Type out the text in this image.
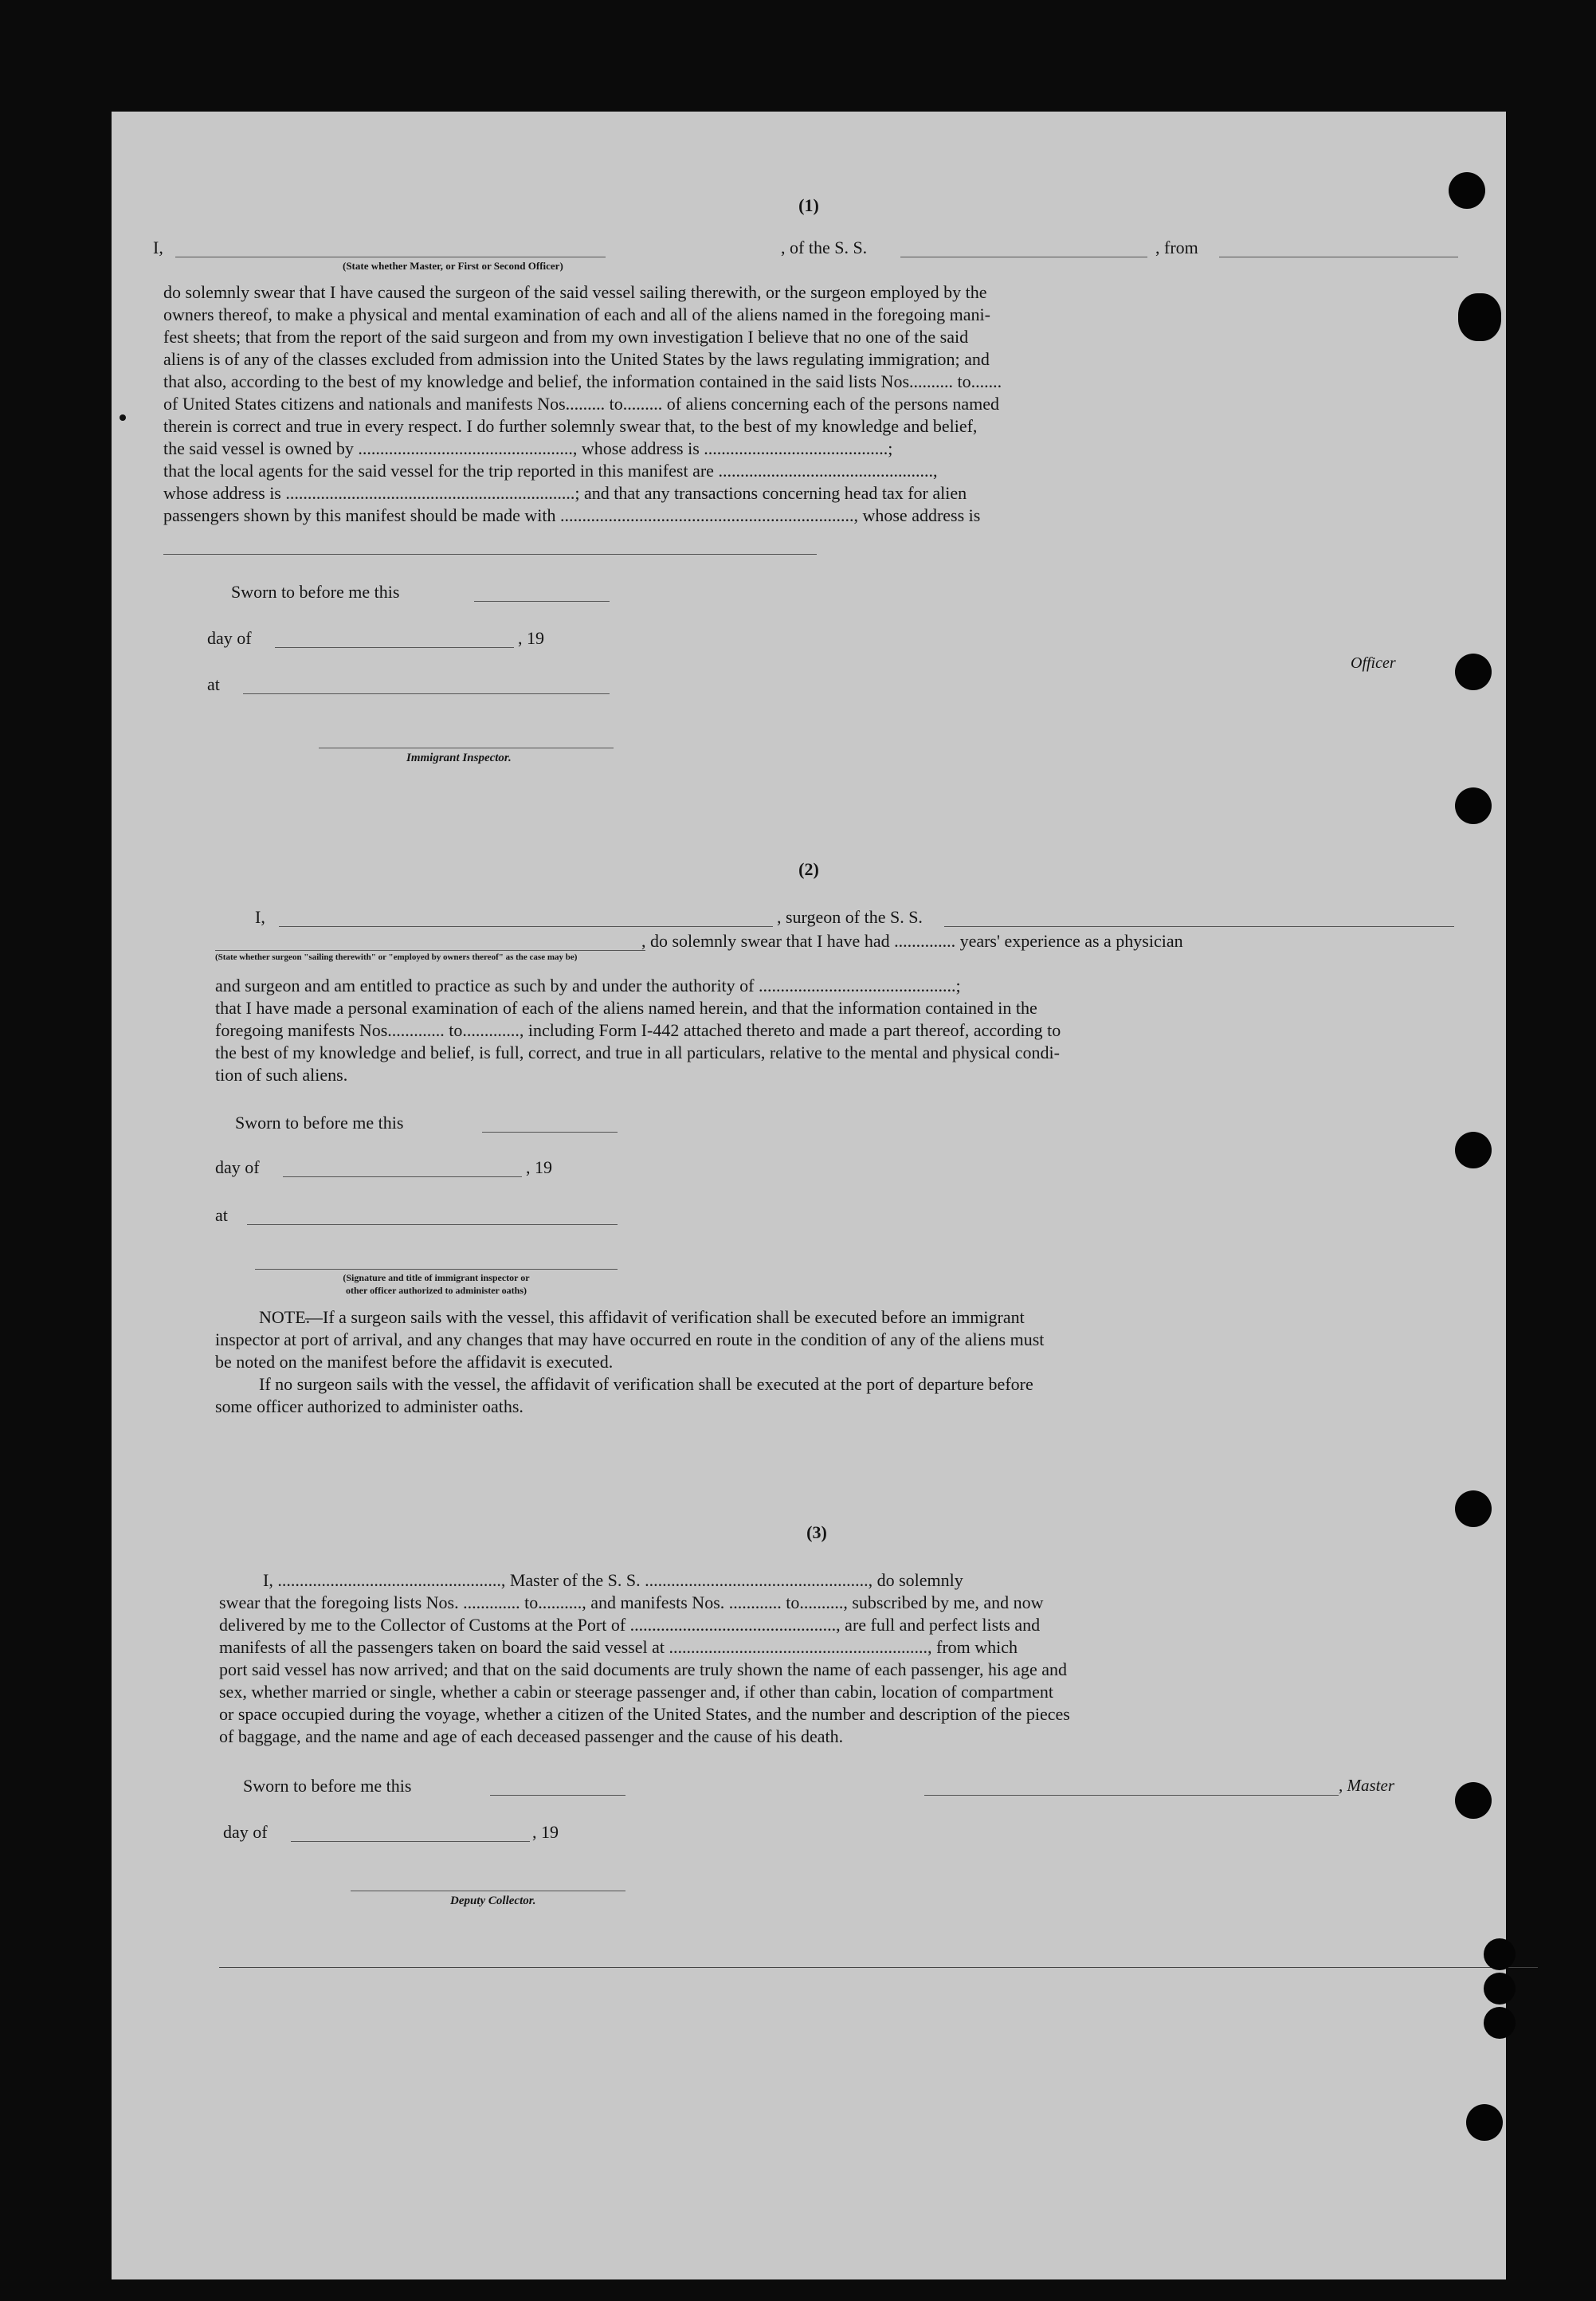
(1)
I,	, of the S. S.	, from
(State whether Master, or First or Second Officer)
do solemnly swear that I have caused the surgeon of the said vessel sailing therewith, or the surgeon employed by the
owners thereof, to make a physical and mental examination of each and all of the aliens named in the foregoing mani-
fest sheets; that from the report of the said surgeon and from my own investigation I believe that no one of the said
aliens is of any of the classes excluded from admission into the United States by the laws regulating immigration; and
that also, according to the best of my knowledge and belief, the information contained in the said lists Nos.......... to.......
of United States citizens and nationals and manifests Nos......... to......... of aliens concerning each of the persons named
therein is correct and true in every respect. I do further solemnly swear that, to the best of my knowledge and belief,
the said vessel is owned by ................................................., whose address is ..........................................;
that the local agents for the said vessel for the trip reported in this manifest are .................................................,
whose address is ..................................................................; and that any transactions concerning head tax for alien
passengers shown by this manifest should be made with ..................................................................., whose address is
Sworn to before me this
day of	, 19
at
Officer
Immigrant Inspector.
(2)
I,	, surgeon of the S. S.
, do solemnly swear that I have had .............. years' experience as a physician
(State whether surgeon "sailing therewith" or "employed by owners thereof" as the case may be)
and surgeon and am entitled to practice as such by and under the authority of .............................................;
that I have made a personal examination of each of the aliens named herein, and that the information contained in the
foregoing manifests Nos............. to............., including Form I-442 attached thereto and made a part thereof, according to
the best of my knowledge and belief, is full, correct, and true in all particulars, relative to the mental and physical condi-
tion of such aliens.
Sworn to before me this
day of	, 19
at
(Signature and title of immigrant inspector or
other officer authorized to administer oaths)
NOTE.
—If a surgeon sails with the vessel, this affidavit of verification shall be executed before an immigrant
inspector at port of arrival, and any changes that may have occurred en route in the condition of any of the aliens must
be noted on the manifest before the affidavit is executed.
If no surgeon sails with the vessel, the affidavit of verification shall be executed at the port of departure before
some officer authorized to administer oaths.
(3)
I, ..................................................., Master of the S. S. ..................................................., do solemnly
swear that the foregoing lists Nos. ............. to.........., and manifests Nos. ............ to.........., subscribed by me, and now
delivered by me to the Collector of Customs at the Port of ..............................................., are full and perfect lists and
manifests of all the passengers taken on board the said vessel at ..........................................................., from which
port said vessel has now arrived; and that on the said documents are truly shown the name of each passenger, his age and
sex, whether married or single, whether a cabin or steerage passenger and, if other than cabin, location of compartment
or space occupied during the voyage, whether a citizen of the United States, and the number and description of the pieces
of baggage, and the name and age of each deceased passenger and the cause of his death.
Sworn to before me this	, Master
day of	, 19
Deputy Collector.
